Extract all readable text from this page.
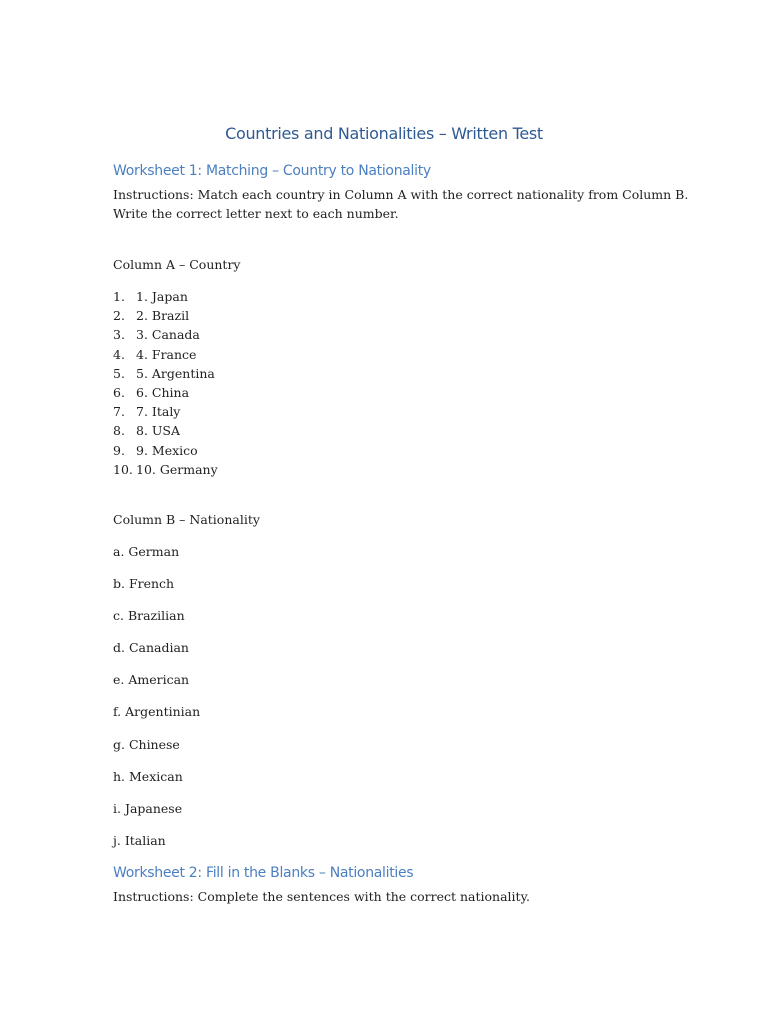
Countries and Nationalities – Written Test
Worksheet 1: Matching – Country to Nationality

Instructions: Match each country in Column A with the correct nationality from Column B.

Write the correct letter next to each number.

Column A – Country

1. 1. Japan
2. 2. Brazil
3. 3. Canada
4. 4. France
5. 5. Argentina
6. 6. China
7. 7. Italy
8. 8. USA
9. 9. Mexico
10. 10. Germany

Column B – Nationality

a. German
b. French
c. Brazilian
d. Canadian
e. American
f. Argentinian
g. Chinese
h. Mexican
i. Japanese
j. Italian
Worksheet 2: Fill in the Blanks – Nationalities

Instructions: Complete the sentences with the correct nationality.
